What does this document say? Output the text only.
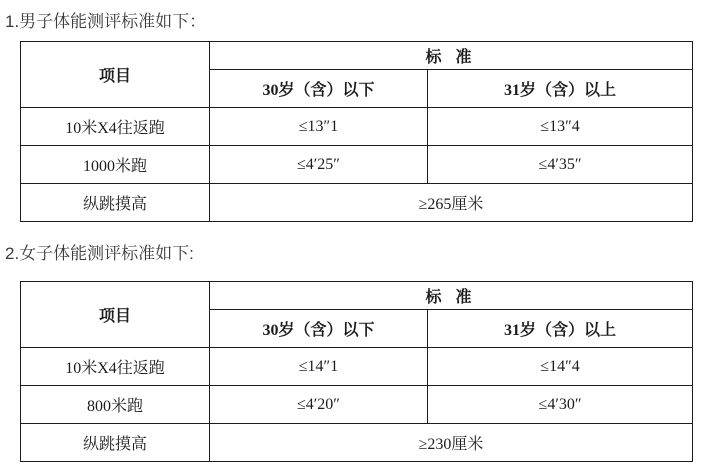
1.男子体能测评标准如下：
项目	标 准	
	30岁（含）以下	31岁（含）以上
10米X4往返跑	≤13″1	≤13″4
1000米跑	≤4′25″	≤4′35″
纵跳摸高	≥265厘米	
2.女子体能测评标准如下:
项目	标 准	
	30岁（含）以下	31岁（含）以上
10米X4往返跑	≤14″1	≤14″4
800米跑	≤4′20″	≤4′30″
纵跳摸高	≥230厘米	
